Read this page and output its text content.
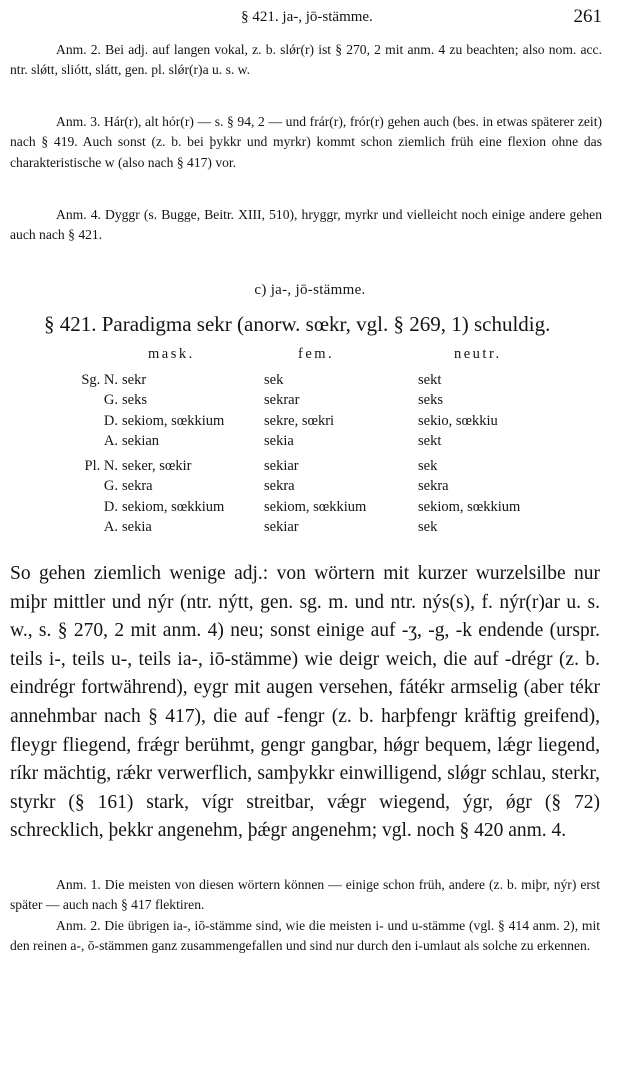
§ 421. ja-, jō-stämme.	261

Anm. 2. Bei adj. auf langen vokal, z. b. slǿr(r) ist § 270, 2 mit anm. 4 zu beachten; also nom. acc. ntr. slǿtt, sliótt, slátt, gen. pl. slǿr(r)a u. s. w.

Anm. 3. Hár(r), alt hór(r) — s. § 94, 2 — und frár(r), frór(r) gehen auch (bes. in etwas späterer zeit) nach § 419. Auch sonst (z. b. bei þykkr und myrkr) kommt schon ziemlich früh eine flexion ohne das charakteristische w (also nach § 417) vor.

Anm. 4. Dyggr (s. Bugge, Beitr. XIII, 510), hryggr, myrkr und vielleicht noch einige andere gehen auch nach § 421.

c) ja-, jō-stämme.
§ 421. Paradigma sekr (anorw. sœkr, vgl. § 269, 1) schuldig.
mask.	fem.	neutr.
Sg. N. sekr	sek	sekt
G. seks	sekrar	seks
D. sekiom, sœkkium	sekre, sœkri	sekio, sœkkiu
A. sekian	sekia	sekt
Pl. N. seker, sœkir	sekiar	sek
G. sekra	sekra	sekra
D. sekiom, sœkkium	sekiom, sœkkium	sekiom, sœkkium
A. sekia	sekiar	sek

So gehen ziemlich wenige adj.: von wörtern mit kurzer wurzelsilbe nur miþr mittler und nýr (ntr. nýtt, gen. sg. m. und ntr. nýs(s), f. nýr(r)ar u. s. w., s. § 270, 2 mit anm. 4) neu; sonst einige auf -ʒ, -g, -k endende (urspr. teils i-, teils u-, teils ia-, iō-stämme) wie deigr weich, die auf -drégr (z. b. eindrégr fortwährend), eygr mit augen versehen, fátékr armselig (aber tékr annehmbar nach § 417), die auf -fengr (z. b. harþfengr kräftig greifend), fleygr fliegend, frǽgr berühmt, gengr gangbar, hǿgr bequem, lǽgr liegend, ríkr mächtig, rǽkr verwerflich, samþykkr einwilligend, slǿgr schlau, sterkr, styrkr (§ 161) stark, vígr streitbar, vǽgr wiegend, ýgr, ǿgr (§ 72) schrecklich, þekkr angenehm, þǽgr angenehm; vgl. noch § 420 anm. 4.

Anm. 1. Die meisten von diesen wörtern können — einige schon früh, andere (z. b. miþr, nýr) erst später — auch nach § 417 flektiren.

Anm. 2. Die übrigen ia-, iō-stämme sind, wie die meisten i- und u-stämme (vgl. § 414 anm. 2), mit den reinen a-, ō-stämmen ganz zusammengefallen und sind nur durch den i-umlaut als solche zu erkennen.
